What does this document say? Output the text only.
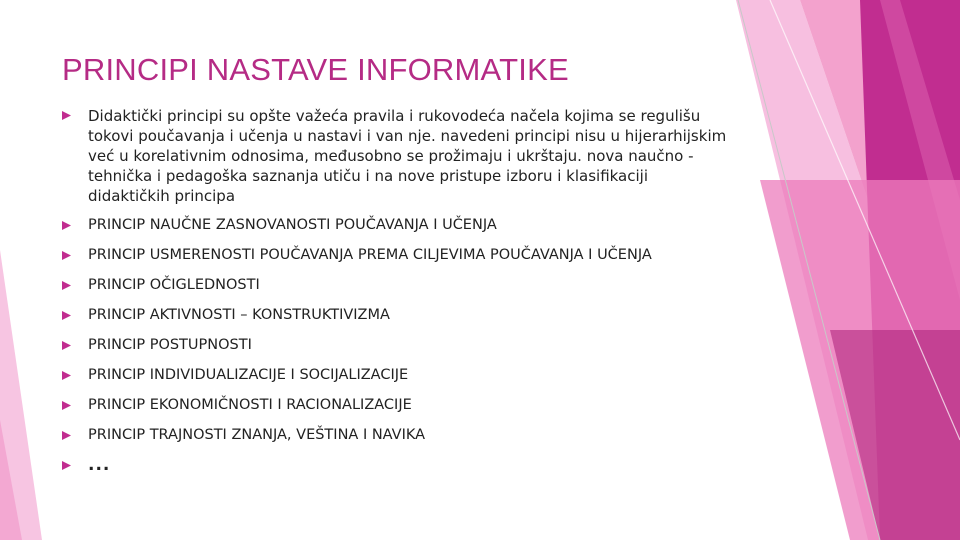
PRINCIPI NASTAVE INFORMATIKE
Didaktički principi su opšte važeća pravila i rukovodeća načela kojima se regulišu tokovi poučavanja i učenja u nastavi i van nje. navedeni principi nisu u hijerarhijskim već u korelativnim odnosima, međusobno se prožimaju i ukrštaju. nova naučno - tehnička i pedagoška saznanja utiču i na nove pristupe izboru i klasifikaciji didaktičkih principa
PRINCIP NAUČNE ZASNOVANOSTI POUČAVANJA I UČENJA
PRINCIP USMERENOSTI POUČAVANJA PREMA CILJEVIMA POUČAVANJA I UČENJA
PRINCIP OČIGLEDNOSTI
PRINCIP AKTIVNOSTI – KONSTRUKTIVIZMA
PRINCIP POSTUPNOSTI
PRINCIP INDIVIDUALIZACIJE I SOCIJALIZACIJE
PRINCIP EKONOMIČNOSTI I RACIONALIZACIJE
PRINCIP TRAJNOSTI ZNANJA, VEŠTINA I NAVIKA
...
